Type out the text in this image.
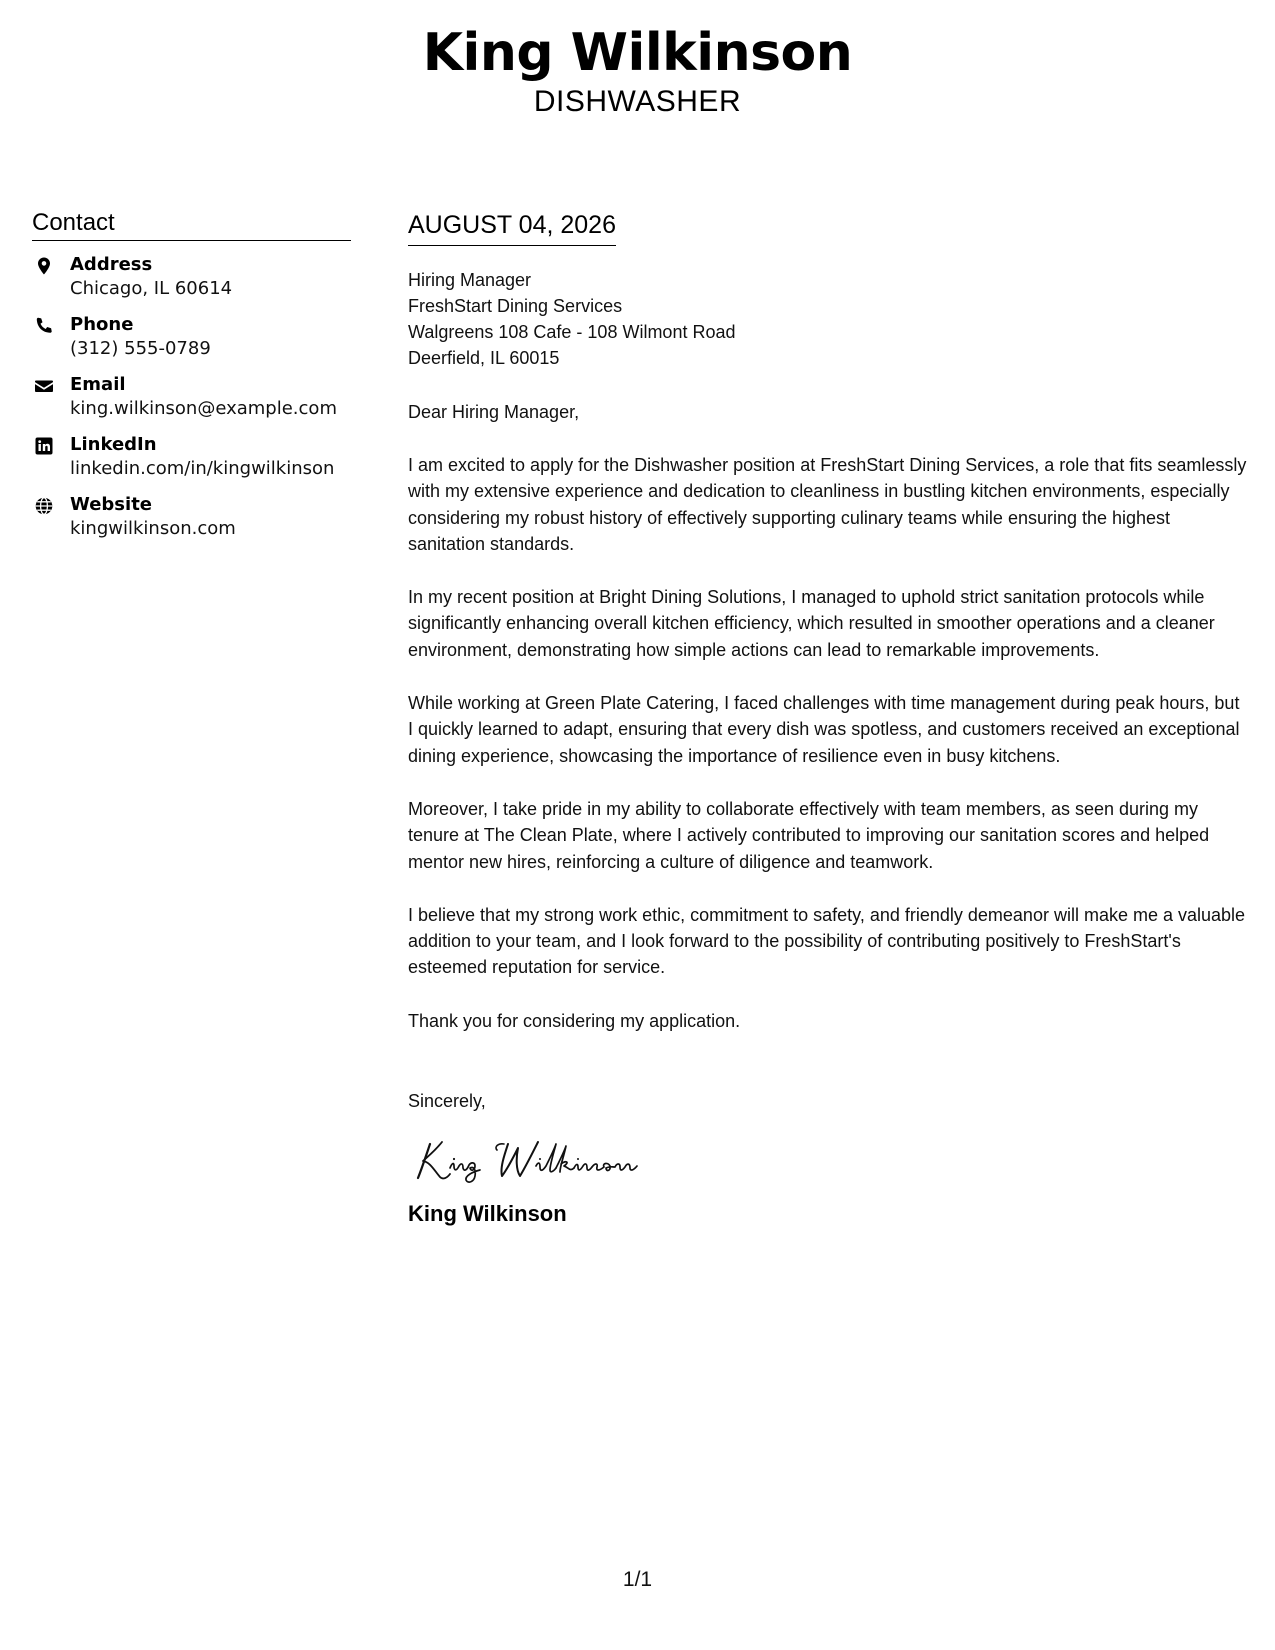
King Wilkinson
DISHWASHER
Contact
Address
Chicago, IL 60614
Phone
(312) 555-0789
Email
king.wilkinson@example.com
LinkedIn
linkedin.com/in/kingwilkinson
Website
kingwilkinson.com
AUGUST 04, 2026
Hiring Manager
FreshStart Dining Services
Walgreens 108 Cafe - 108 Wilmont Road
Deerfield, IL 60015
Dear Hiring Manager,
I am excited to apply for the Dishwasher position at FreshStart Dining Services, a role that fits seamlessly with my extensive experience and dedication to cleanliness in bustling kitchen environments, especially considering my robust history of effectively supporting culinary teams while ensuring the highest sanitation standards.
In my recent position at Bright Dining Solutions, I managed to uphold strict sanitation protocols while significantly enhancing overall kitchen efficiency, which resulted in smoother operations and a cleaner environment, demonstrating how simple actions can lead to remarkable improvements.
While working at Green Plate Catering, I faced challenges with time management during peak hours, but I quickly learned to adapt, ensuring that every dish was spotless, and customers received an exceptional dining experience, showcasing the importance of resilience even in busy kitchens.
Moreover, I take pride in my ability to collaborate effectively with team members, as seen during my tenure at The Clean Plate, where I actively contributed to improving our sanitation scores and helped mentor new hires, reinforcing a culture of diligence and teamwork.
I believe that my strong work ethic, commitment to safety, and friendly demeanor will make me a valuable addition to your team, and I look forward to the possibility of contributing positively to FreshStart's esteemed reputation for service.
Thank you for considering my application.
Sincerely,
King Wilkinson
1/1
